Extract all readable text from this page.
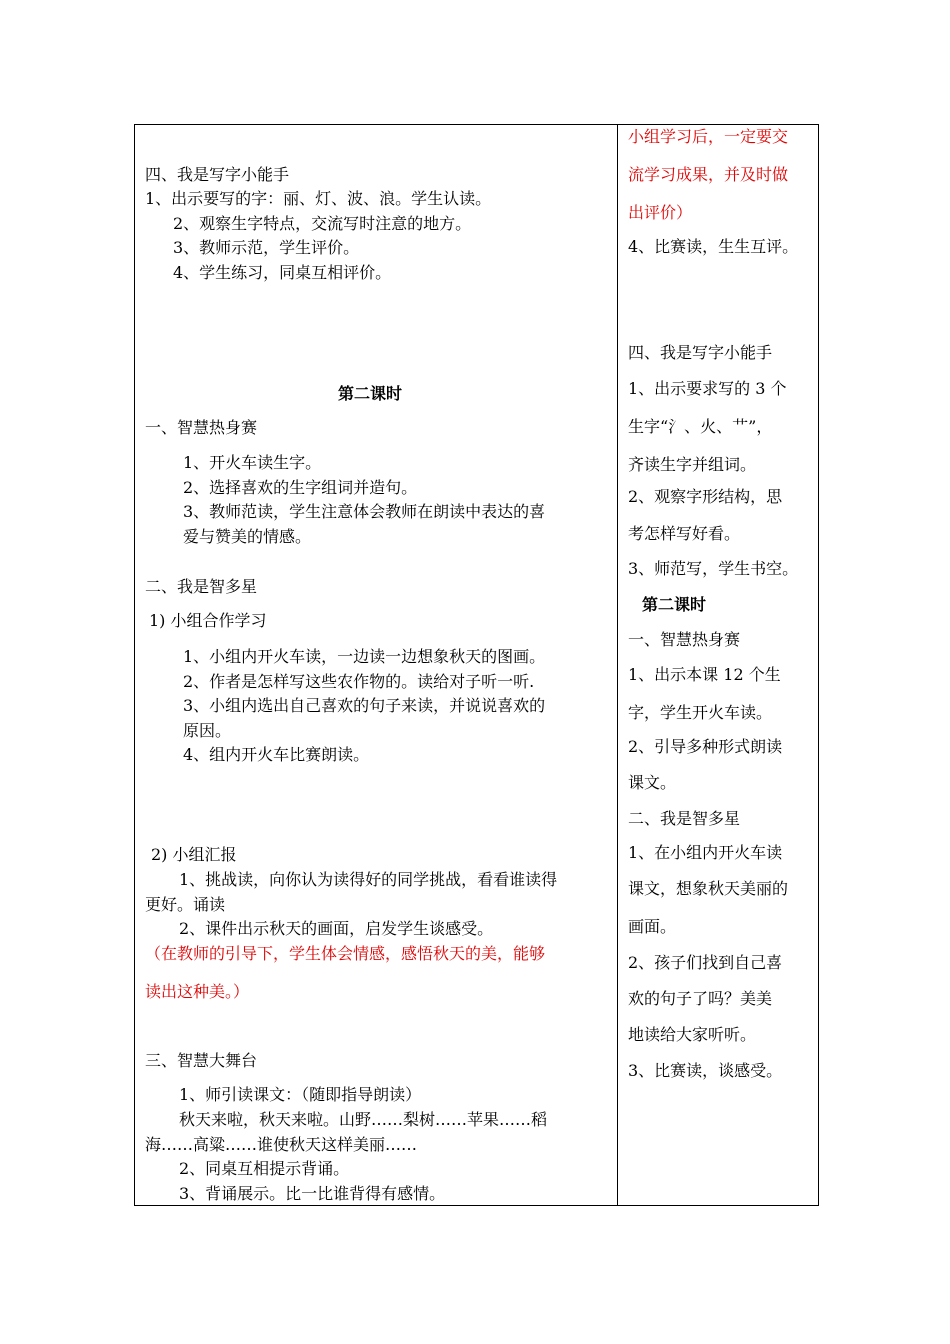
四、我是写字小能手
1、出示要写的字：丽、灯、波、浪。学生认读。
2、观察生字特点，交流写时注意的地方。
3、教师示范，学生评价。
4、学生练习，同桌互相评价。
第二课时
一、智慧热身赛
1、开火车读生字。
2、选择喜欢的生字组词并造句。
3、教师范读，学生注意体会教师在朗读中表达的喜
爱与赞美的情感。
二、我是智多星
1) 小组合作学习
1、小组内开火车读，一边读一边想象秋天的图画。
2、作者是怎样写这些农作物的。读给对子听一听.
3、小组内选出自己喜欢的句子来读，并说说喜欢的
原因。
4、组内开火车比赛朗读。
2) 小组汇报
1、挑战读，向你认为读得好的同学挑战，看看谁读得
更好。诵读
2、课件出示秋天的画面，启发学生谈感受。
（在教师的引导下，学生体会情感，感悟秋天的美，能够
读出这种美。）
三、智慧大舞台
1、师引读课文：（随即指导朗读）
秋天来啦，秋天来啦。山野……梨树……苹果……稻
海……高粱……谁使秋天这样美丽……
2、同桌互相提示背诵。
3、背诵展示。比一比谁背得有感情。
小组学习后，一定要交
流学习成果，并及时做
出评价）
4、比赛读，生生互评。
四、我是写字小能手
1、出示要求写的 3 个
生字“氵、火、艹”，
齐读生字并组词。
2、观察字形结构，思
考怎样写好看。
3、师范写，学生书空。
第二课时
一、智慧热身赛
1、出示本课 12 个生
字，学生开火车读。
2、引导多种形式朗读
课文。
二、我是智多星
1、在小组内开火车读
课文，想象秋天美丽的
画面。
2、孩子们找到自己喜
欢的句子了吗？美美
地读给大家听听。
3、比赛读，谈感受。
